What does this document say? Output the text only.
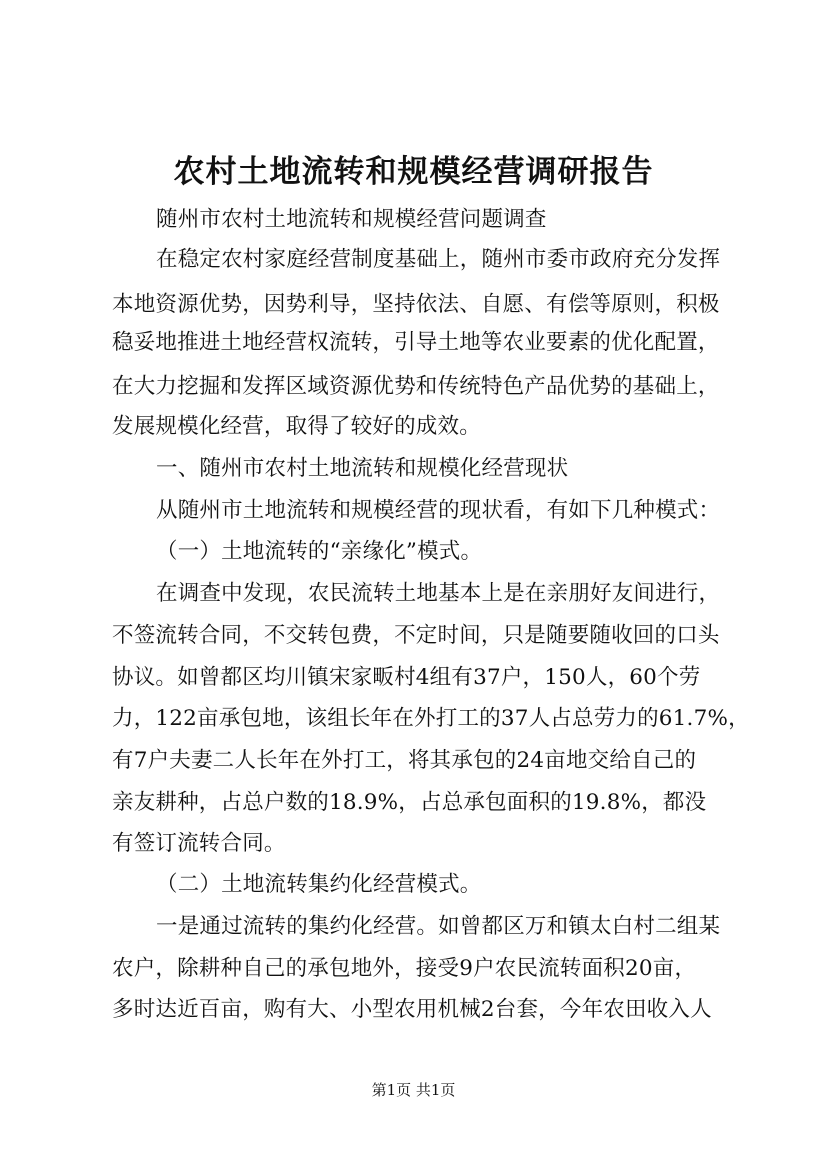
农村土地流转和规模经营调研报告
随州市农村土地流转和规模经营问题调查
在稳定农村家庭经营制度基础上，随州市委市政府充分发挥
本地资源优势，因势利导，坚持依法、自愿、有偿等原则，积极
稳妥地推进土地经营权流转，引导土地等农业要素的优化配置，
在大力挖掘和发挥区域资源优势和传统特色产品优势的基础上，
发展规模化经营，取得了较好的成效。
一、随州市农村土地流转和规模化经营现状
从随州市土地流转和规模经营的现状看，有如下几种模式：
（一）土地流转的“亲缘化”模式。
在调查中发现，农民流转土地基本上是在亲朋好友间进行，
不签流转合同，不交转包费，不定时间，只是随要随收回的口头
协议。如曾都区均川镇宋家畈村4组有37户，150人，60个劳
力，122亩承包地，该组长年在外打工的37人占总劳力的61.7%，
有7户夫妻二人长年在外打工，将其承包的24亩地交给自己的
亲友耕种，占总户数的18.9%，占总承包面积的19.8%，都没
有签订流转合同。
（二）土地流转集约化经营模式。
一是通过流转的集约化经营。如曾都区万和镇太白村二组某
农户，除耕种自己的承包地外，接受9户农民流转面积20亩，
多时达近百亩，购有大、小型农用机械2台套，今年农田收入人
第1页 共1页
